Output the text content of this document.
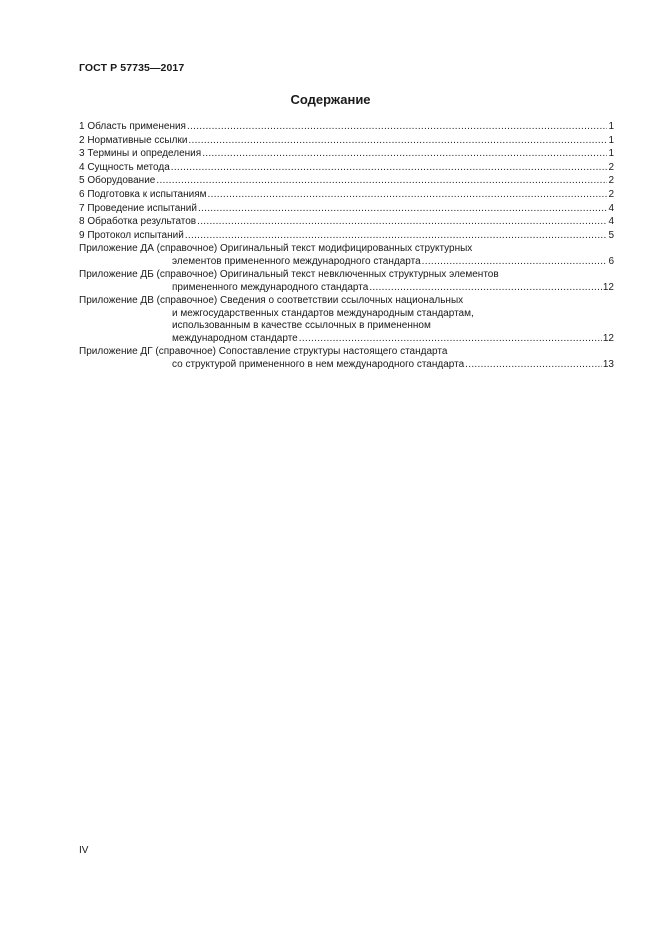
ГОСТ Р 57735—2017
Содержание
1 Область применения .....	1
2 Нормативные ссылки .....	1
3 Термины и определения .....	1
4 Сущность метода .....	2
5 Оборудование .....	2
6 Подготовка к испытаниям .....	2
7 Проведение испытаний .....	4
8 Обработка результатов .....	4
9 Протокол испытаний .....	5
Приложение ДА (справочное) Оригинальный текст модифицированных структурных
элементов примененного международного стандарта .....	6
Приложение ДБ (справочное) Оригинальный текст невключенных структурных элементов
примененного международного стандарта .....	12
Приложение ДВ (справочное) Сведения о соответствии ссылочных национальных
и межгосударственных стандартов международным стандартам,
использованным в качестве ссылочных в примененном
международном стандарте .....	12
Приложение ДГ (справочное) Сопоставление структуры настоящего стандарта
со структурой примененного в нем международного стандарта .....	13
IV
